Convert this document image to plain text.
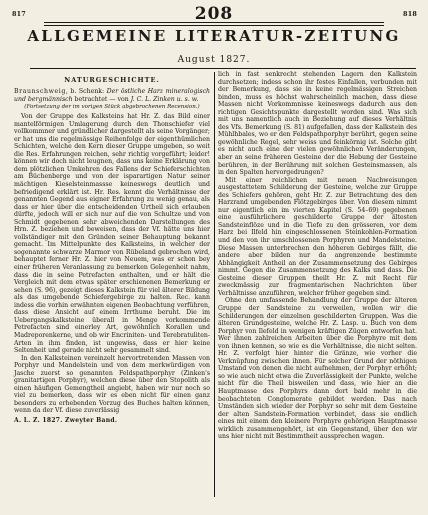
817	208	818
ALLGEMEINE LITERATUR-ZEITUNG
August 1827.
NATURGESCHICHTE.

Braunschweig, b. Schenk: Der östliche Harz mineralogisch und bergmännisch betrachtet — von J. C. L. Zinken u. s. w.

(Fortsetzung der im vorigen Stück abgebrochenen Recension.)

Von der Gruppe des Kalksteins hat Hr. Z. das Bild einer mantelförmigen Umlagerung durch den Thonschiefer viel vollkommner und gründlicher dargestellt als seine Vorgänger; er hat uns die regelmässige Reihenfolge der eigenthümlichen Schichten, welche den Kern dieser Gruppe umgeben, so weit die Res. Erfahrungen reichen, sehr richtig vorgeführt; leider! können wir doch nicht leugnen, dass uns keine Erklärung von dem plötzlichen Umkehren des Fallens der Schieferschichten am Büchenberge und von der isparartigen Natur seiner mächtigen Kieselsteinmassse keineswegs deutlich und befriedigend erklärt ist. Hr. Res. kennt die Verhältnisse der genannten Gegend aus eigner Erfahrung zu wenig genau, als dass er hier über die entscheidenden Urtheil sich erlauben dürfte, jedoch will er sich nur auf die von Schultze und von Schmidt gegebenen sehr abweichenden Darstellungen des Hrn. Z. beziehen und beweisen, dass der Vf. hätte uns hier vollständiger mit den Gründen seiner Behauptung bekannt gemacht. Im Mittelpunkte des Kalksteins, in welcher der sogenannte schwarze Marmor von Rübeland gebrochen wird, behauptet ferner Hr. Z. hier von Neuem, was er schon bey einer früheren Veranlassung zu bemerken Gelegenheit nahm, dass die in seine Petrefacten enthalten, und er hält die Vergleich mit dem etwas später erschienenen Bemerkung er sehen (S. 96), gezeigt dieses Kalkstein für viel älterer Bildung als das umgebende Schiefergebirge zu halten. Rec. kann indess die vorhin erwähnten eigenen Beobachtung verführen, dass diese Ansicht auf einem Irrthume beruht. Die im Uebergangskalksteine überall in Menge vorkommende Petrefacten sind einerley Art, gewöhnlich Korallen und Madreporenkerne, und ob wir Encriniten- und Terebratuliten-Arten in ihm finden, ist ungewiss, dass er hier keine Seltenheit und gerade nicht sehr gesammelt sind.

In den Kalksteinen vereinzelt hervortretenden Massen von Porphyr und Mandelstein und von dem merkwürdigen von Jasche zuerst so genannten Feldspathporphyr (Zinken's granitartigen Porphyr), welchen diese über den Stopolith als einen häufigen Gemengtheil angiebt, haben wir nur noch so viel zu bemerken, dass wir es eben nicht für einen ganz besonders zu erhebenden Vorzug des Buches halten können, wenn da der Vf. diese zuverlässig

A. L. Z. 1827. Zweyter Band.

lich in fast senkrecht stehenden Lagern den Kalkstein durchsetzen; indess schon ihr festes Einfallen, verbunden mit der Bemerkung, dass sie in keine regelmässigen Streichen binden, muss es höchst wahrscheinlich machen, dass diese Massen nicht Vorkommnisse keineswegs dadurch aus den richtigen Gesichtspunkte dargestellt worden sind. Was sich mit uns namentlich auch in Beziehung auf dieses Verhältnis des Vfs. Bemerkung (S. 81) aufgefallen, dass der Kalkstein des Mühlhbales, wo er den Feldspathporphyr berührt, gegen seine gewöhnliche Regel, sehr weiss und feinkörnig ist. Solche gibt es nicht auch eine der vielen gewöhnlichen Veränderungen, aber an seine früheren Gesteine der die Hebung der Gesteine berühren, in der Berührung mit solchen Gesteinsmassen, als in den Spalten hervorgedrungen?

Mit einer reichlichen mit neuen Nachweisungen ausgestattetem Schilderung der Gesteine, welche zur Gruppe des Schiefers gehören, geht Hr. Z. zur Betrachtung des den Harzrand umgebenden Flötzgebirges über. Von diesem nimmt nur eigentlich ein im vierten Kapitel (S. 54–69) gegebenen eine ausführlichere geschilderte Gruppe der ältesten Sandsteinflöze und in die Tiefe zu den grösseren, vor dem Harz bei Ilfeld hin eingeschlossenen Steinkohlen-Formation und den von ihr umschlossenen Porphyren und Mandelsteine. Diese Massen unterbrechen den höheren Gebirges fällt, die andere aber bilden nur da angrenzende bestimmte Abhängigkeit Antheil an der Zusammensetzung des Gebirges nimmt. Gegen die Zusammensetzung des Kalks und dass. Die Gesteine dieser Gruppen theilt Hr. Z. mit Recht für zweckmässig zur fragmentarischen Nachrichten über Verhältnisse anzuführen, welcher früher gegeben sind.

Ohne den umfassende Behandlung der Gruppe der älteren Gruppe der Sandsteine zu verweilen, wollen wir die Schilderungen der einzelnen geschilderten Gruppen. Was die älteren Grundgesteine, welche Hr. Z. Lasp. u. Buch von dem Porphyr von Ilefeld in wenigen kräftigen Zügen entworfen hat. Wer ihnen zahlreichen Arbeiten über die Porphyre mit dem von ihnen kennen, so wie es die Verhältnisse, die nicht selten. Hr. Z. verfolgt hier hinter die Gränze, wie vorher die Verknüpfung zwischen ihnen. Für solcher Grund der nöthigen Umstand von denen die nicht aufnehmen, der Porphyr erhöht; so wie auch nicht etwa die Zuverlässigkeit der Punkte, welche nicht für die Theil bisweilen und dass, wie hier an die Hauptmasse des Porphyrs dann dort bald mehr in die beobachteten Conglomerate gebildet werden. Das nach Umständen sich wieder der Porphyr so sehr mit dem Gesteine der alten Sandstein-Formation verbindet, dass sie endlich eines mit einem den kleinere Porphyre gehörigen Hauptmasse wirklich zusammengehört, ist ein Gegenstand, über den wir uns hier nicht mit Bestimmtheit aussprechen wagen.
